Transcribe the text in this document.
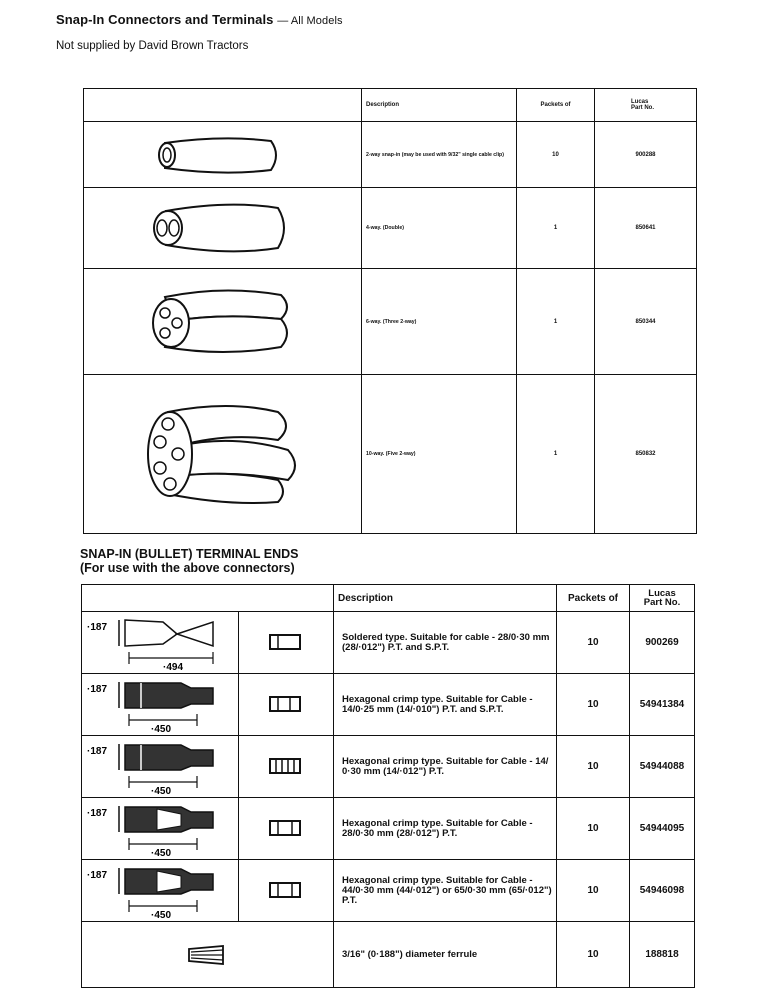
Snap-In Connectors and Terminals — All Models
Not supplied by David Brown Tractors
	Description	Packets of	Lucas
Part No.

	2-way snap-in (may be used with 9/32" single cable clip)	10	900288

	4-way. (Double)	1	850641

	6-way. (Three 2-way)	1	850344

	10-way. (Five 2-way)	1	850832
SNAP-IN (BULLET) TERMINAL ENDS
(For use with the above connectors)
		Description	Packets of	Lucas
Part No.

·187
·494		Soldered type. Suitable for cable - 28/0·30 mm (28/·012") P.T. and S.P.T.	10	900269

·187
·450		Hexagonal crimp type. Suitable for Cable - 14/0·25 mm (14/·010") P.T. and S.P.T.	10	54941384

·187
·450		Hexagonal crimp type. Suitable for Cable - 14/ 0·30 mm (14/·012") P.T.	10	54944088

·187
·450		Hexagonal crimp type. Suitable for Cable - 28/0·30 mm (28/·012") P.T.	10	54944095

·187
·450		Hexagonal crimp type. Suitable for Cable - 44/0·30 mm (44/·012") or 65/0·30 mm (65/·012") P.T.	10	54946098

	3/16" (0·188") diameter ferrule	10	188818
